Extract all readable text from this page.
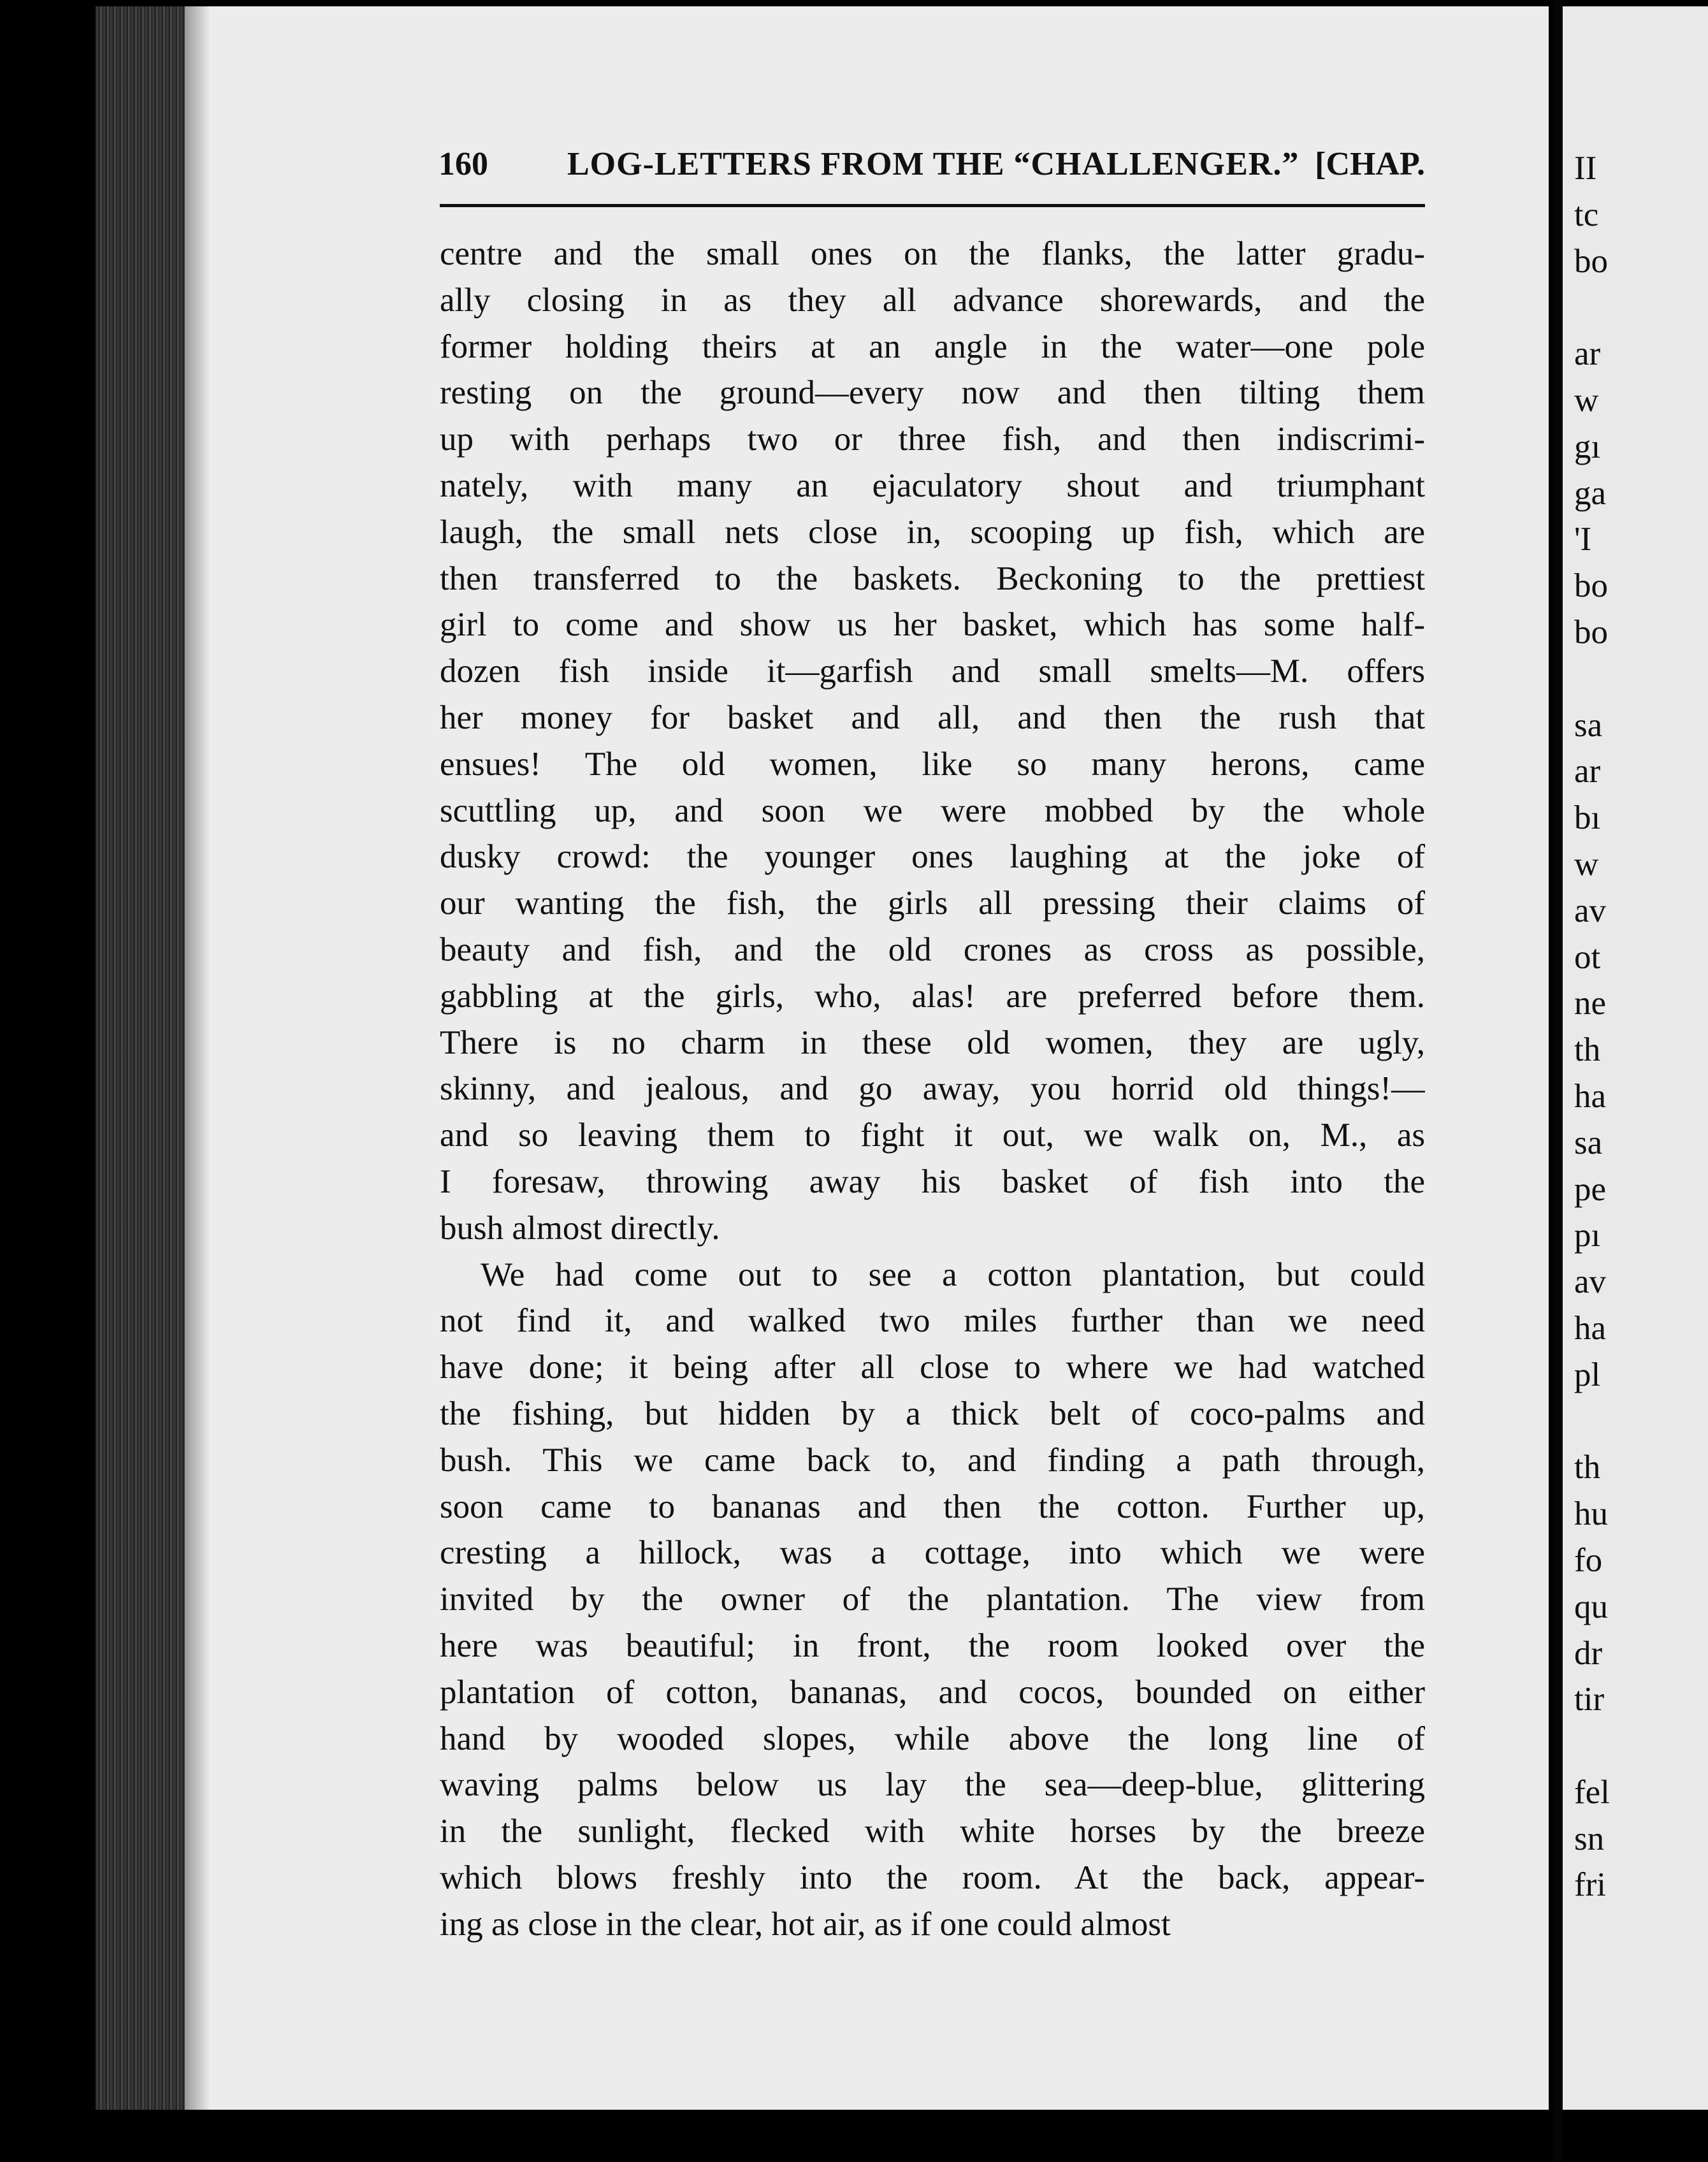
160 LOG-LETTERS FROM THE “CHALLENGER.” [CHAP.
centre and the small ones on the flanks, the latter gradu-
ally closing in as they all advance shorewards, and the
former holding theirs at an angle in the water—one pole
resting on the ground—every now and then tilting them
up with perhaps two or three fish, and then indiscrimi-
nately, with many an ejaculatory shout and triumphant
laugh, the small nets close in, scooping up fish, which are
then transferred to the baskets. Beckoning to the prettiest
girl to come and show us her basket, which has some half-
dozen fish inside it—garfish and small smelts—M. offers
her money for basket and all, and then the rush that
ensues! The old women, like so many herons, came
scuttling up, and soon we were mobbed by the whole
dusky crowd: the younger ones laughing at the joke of
our wanting the fish, the girls all pressing their claims of
beauty and fish, and the old crones as cross as possible,
gabbling at the girls, who, alas! are preferred before them.
There is no charm in these old women, they are ugly,
skinny, and jealous, and go away, you horrid old things!—
and so leaving them to fight it out, we walk on, M., as
I foresaw, throwing away his basket of fish into the
bush almost directly.
We had come out to see a cotton plantation, but could
not find it, and walked two miles further than we need
have done; it being after all close to where we had watched
the fishing, but hidden by a thick belt of coco-palms and
bush. This we came back to, and finding a path through,
soon came to bananas and then the cotton. Further up,
cresting a hillock, was a cottage, into which we were
invited by the owner of the plantation. The view from
here was beautiful; in front, the room looked over the
plantation of cotton, bananas, and cocos, bounded on either
hand by wooded slopes, while above the long line of
waving palms below us lay the sea—deep-blue, glittering
in the sunlight, flecked with white horses by the breeze
which blows freshly into the room. At the back, appear-
ing as close in the clear, hot air, as if one could almost
II
tc
bo
ar
w
gı
ga
'I
bo
bo
sa
ar
bı
w
av
ot
ne
th
ha
sa
pe
pı
av
ha
pl
th
hu
fo
qu
dr
tir
fel
sn
fri
